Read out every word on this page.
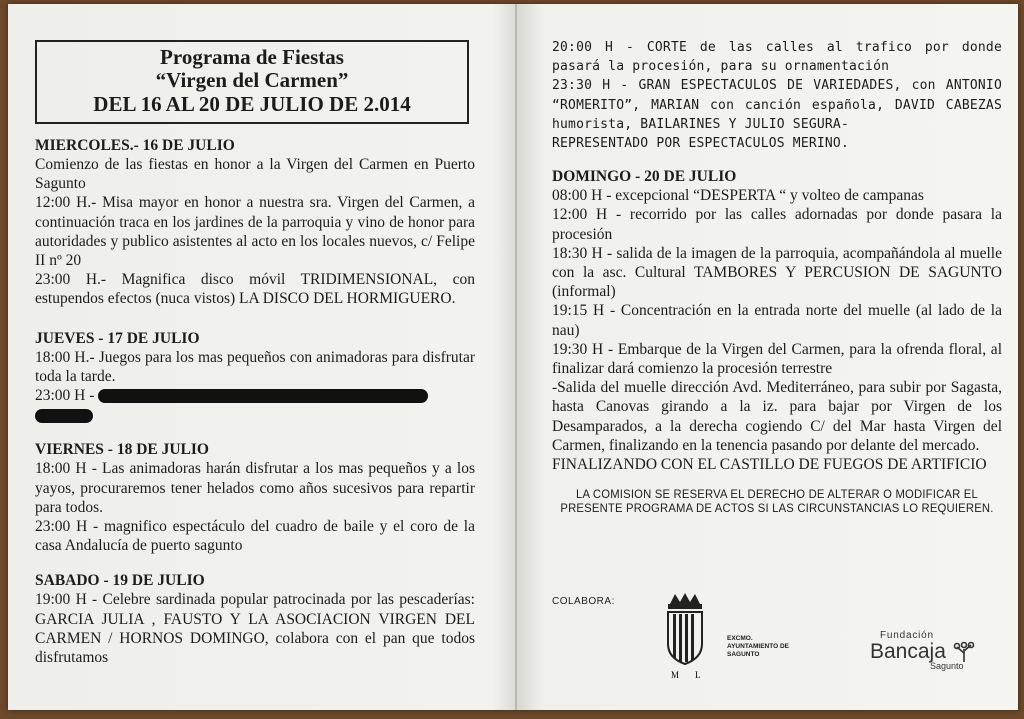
Programa de Fiestas
“Virgen del Carmen”
DEL 16 AL 20 DE JULIO DE 2.014
MIERCOLES.- 16 DE JULIO
Comienzo de las fiestas en honor a la Virgen del Carmen en Puerto Sagunto
12:00 H.- Misa mayor en honor a nuestra sra. Virgen del Carmen, a continuación traca en los jardines de la parroquia y vino de honor para autoridades y publico asistentes al acto en los locales nuevos, c/ Felipe II nº 20
23:00 H.- Magnifica disco móvil TRIDIMENSIONAL, con estupendos efectos (nuca vistos) LA DISCO DEL HORMIGUERO.
JUEVES - 17 DE JULIO
18:00 H.- Juegos para los mas pequeños con animadoras para disfrutar toda la tarde.
23:00 H -
VIERNES - 18 DE JULIO
18:00 H - Las animadoras harán disfrutar a los mas pequeños y a los yayos, procuraremos tener helados como años sucesivos para repartir para todos.
23:00 H - magnifico espectáculo del cuadro de baile y el coro de la casa Andalucía de puerto sagunto
SABADO - 19 DE JULIO
19:00 H - Celebre sardinada popular patrocinada por las pescaderías: GARCIA JULIA , FAUSTO Y LA ASOCIACION VIRGEN DEL CARMEN / HORNOS DOMINGO, colabora con el pan que todos disfrutamos
20:00 H - CORTE de las calles al trafico por donde pasará la procesión, para su ornamentación
23:30 H - GRAN ESPECTACULOS DE VARIEDADES, con ANTONIO “ROMERITO”, MARIAN con canción española, DAVID CABEZAS humorista, BAILARINES Y JULIO SEGURA-
REPRESENTADO POR ESPECTACULOS MERINO.
DOMINGO - 20 DE JULIO
08:00 H - excepcional “DESPERTA “ y volteo de campanas
12:00 H - recorrido por las calles adornadas por donde pasara la procesión
18:30 H - salida de la imagen de la parroquia, acompañándola al muelle con la asc. Cultural TAMBORES Y PERCUSION DE SAGUNTO (informal)
19:15 H - Concentración en la entrada norte del muelle (al lado de la nau)
19:30 H - Embarque de la Virgen del Carmen, para la ofrenda floral, al finalizar dará comienzo la procesión terrestre
-Salida del muelle dirección Avd. Mediterráneo, para subir por Sagasta, hasta Canovas girando a la iz. para bajar por Virgen de los Desamparados, a la derecha cogiendo C/ del Mar hasta Virgen del Carmen, finalizando en la tenencia pasando por delante del mercado.
FINALIZANDO CON EL CASTILLO DE FUEGOS DE ARTIFICIO
LA COMISION SE RESERVA EL DERECHO DE ALTERAR O MODIFICAR EL PRESENTE PROGRAMA DE ACTOS SI LAS CIRCUNSTANCIAS LO REQUIEREN.
COLABORA:
M L
EXCMO.
AYUNTAMIENTO DE
SAGUNTO
Fundación
Bancaja
Sagunto
